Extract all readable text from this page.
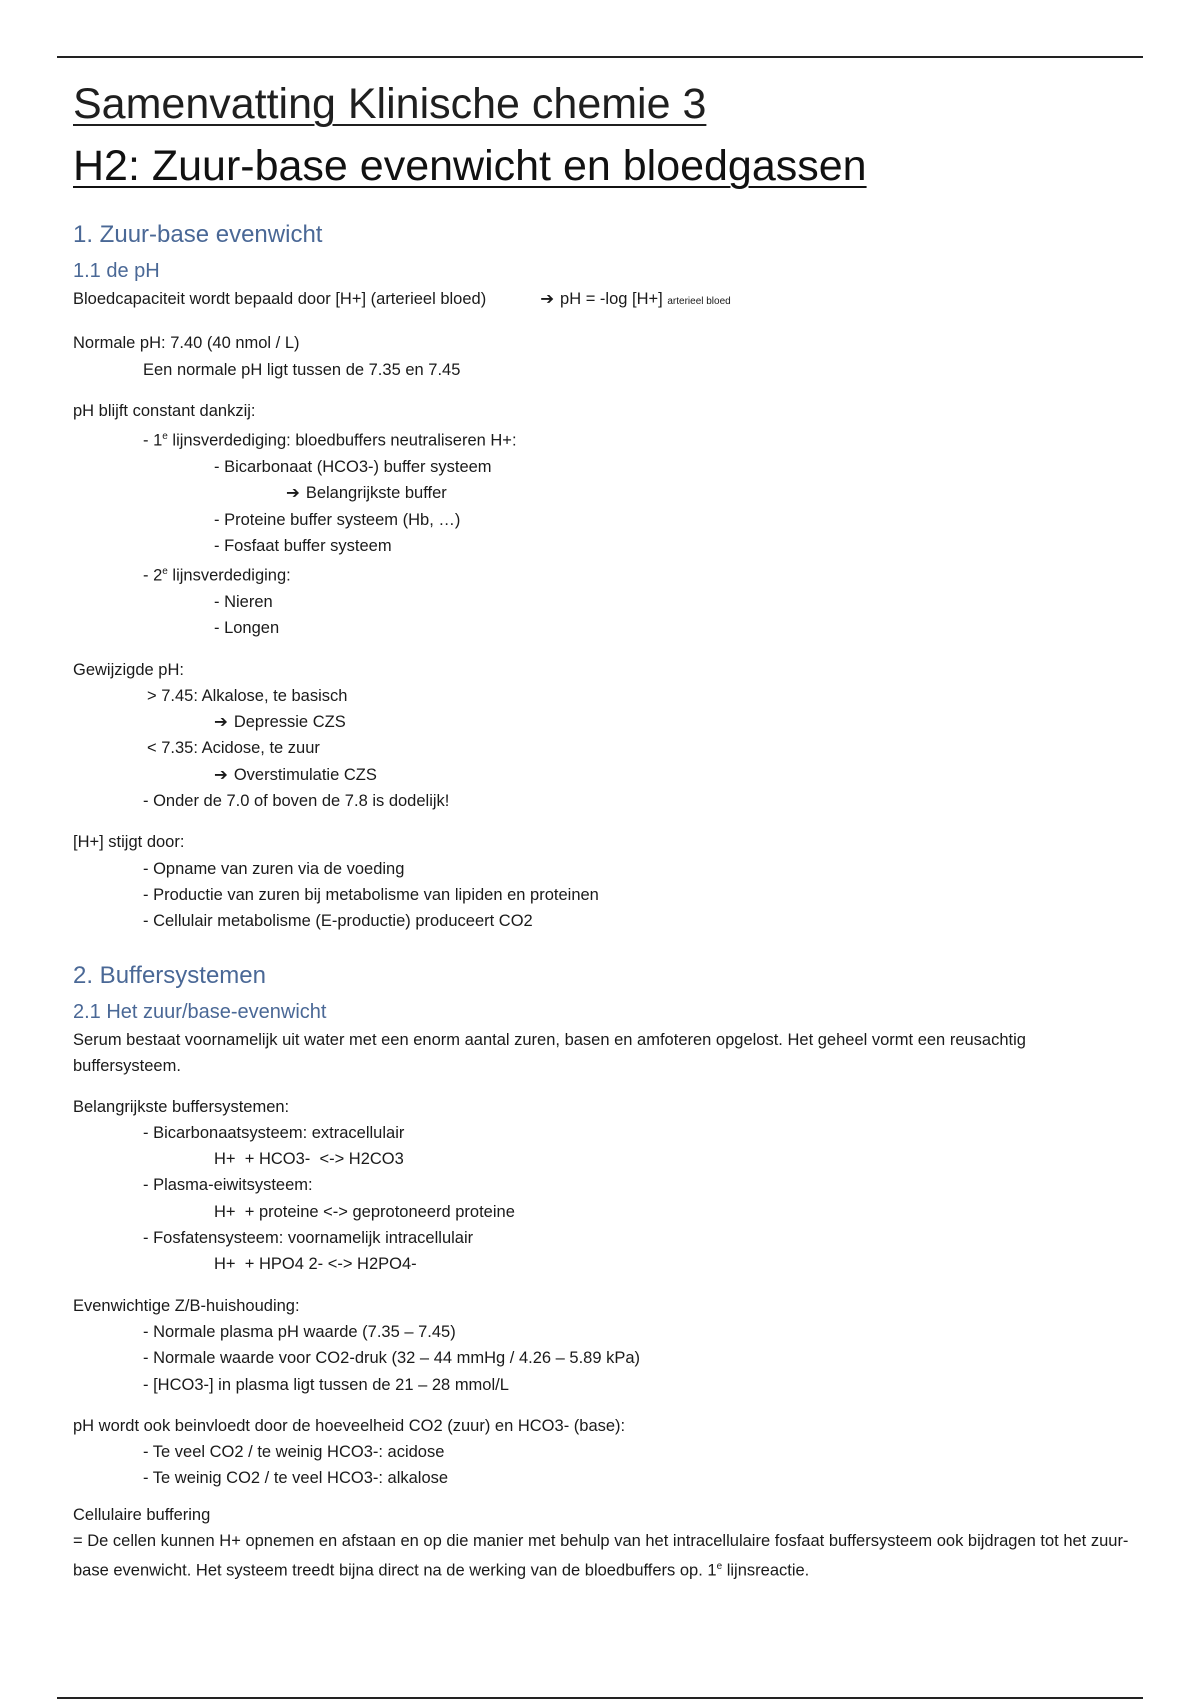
Samenvatting Klinische chemie 3
H2: Zuur-base evenwicht en bloedgassen
1. Zuur-base evenwicht
1.1 de pH
Bloedcapaciteit wordt bepaald door [H+] (arterieel bloed)	➔ pH = -log [H+] arterieel bloed
Normale pH: 7.40 (40 nmol / L)
Een normale pH ligt tussen de 7.35 en 7.45
pH blijft constant dankzij:
- 1e lijnsverdediging: bloedbuffers neutraliseren H+:
- Bicarbonaat (HCO3-) buffer systeem
➔ Belangrijkste buffer
- Proteine buffer systeem (Hb, …)
- Fosfaat buffer systeem
- 2e lijnsverdediging:
- Nieren
- Longen
Gewijzigde pH:
> 7.45: Alkalose, te basisch
➔ Depressie CZS
< 7.35: Acidose, te zuur
➔ Overstimulatie CZS
- Onder de 7.0 of boven de 7.8 is dodelijk!
[H+] stijgt door:
- Opname van zuren via de voeding
- Productie van zuren bij metabolisme van lipiden en proteinen
- Cellulair metabolisme (E-productie) produceert CO2
2. Buffersystemen
2.1 Het zuur/base-evenwicht
Serum bestaat voornamelijk uit water met een enorm aantal zuren, basen en amfoteren opgelost. Het geheel vormt een reusachtig buffersysteem.
Belangrijkste buffersystemen:
- Bicarbonaatsysteem: extracellulair
H+  + HCO3-  <-> H2CO3
- Plasma-eiwitsysteem:
H+  + proteine <-> geprotoneerd proteine
- Fosfatensysteem: voornamelijk intracellulair
H+  + HPO4 2- <-> H2PO4-
Evenwichtige Z/B-huishouding:
- Normale plasma pH waarde (7.35 – 7.45)
- Normale waarde voor CO2-druk (32 – 44 mmHg / 4.26 – 5.89 kPa)
- [HCO3-] in plasma ligt tussen de 21 – 28 mmol/L
pH wordt ook beinvloedt door de hoeveelheid CO2 (zuur) en HCO3- (base):
- Te veel CO2 / te weinig HCO3-: acidose
- Te weinig CO2 / te veel HCO3-: alkalose
Cellulaire buffering
= De cellen kunnen H+ opnemen en afstaan en op die manier met behulp van het intracellulaire fosfaat buffersysteem ook bijdragen tot het zuur-base evenwicht. Het systeem treedt bijna direct na de werking van de bloedbuffers op. 1e lijnsreactie.
